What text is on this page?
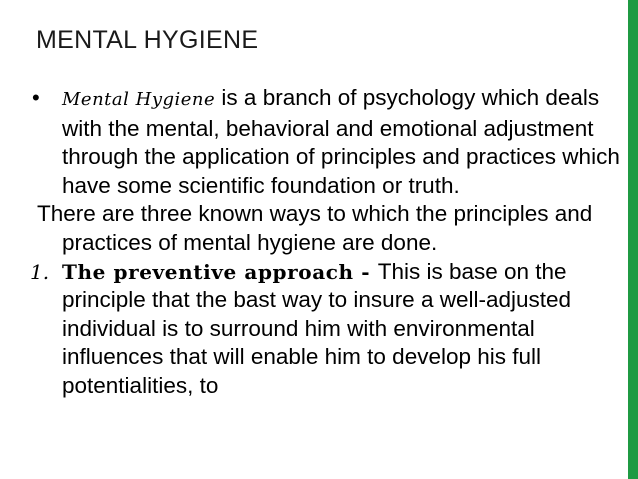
MENTAL HYGIENE

• Mental Hygiene is a branch of psychology which deals with the mental, behavioral and emotional adjustment through the application of principles and practices which have some scientific foundation or truth.

There are three known ways to which the principles and practices of mental hygiene are done.

1. The preventive approach - This is base on the principle that the bast way to insure a well-adjusted individual is to surround him with environmental influences that will enable him to develop his full potentialities, to
